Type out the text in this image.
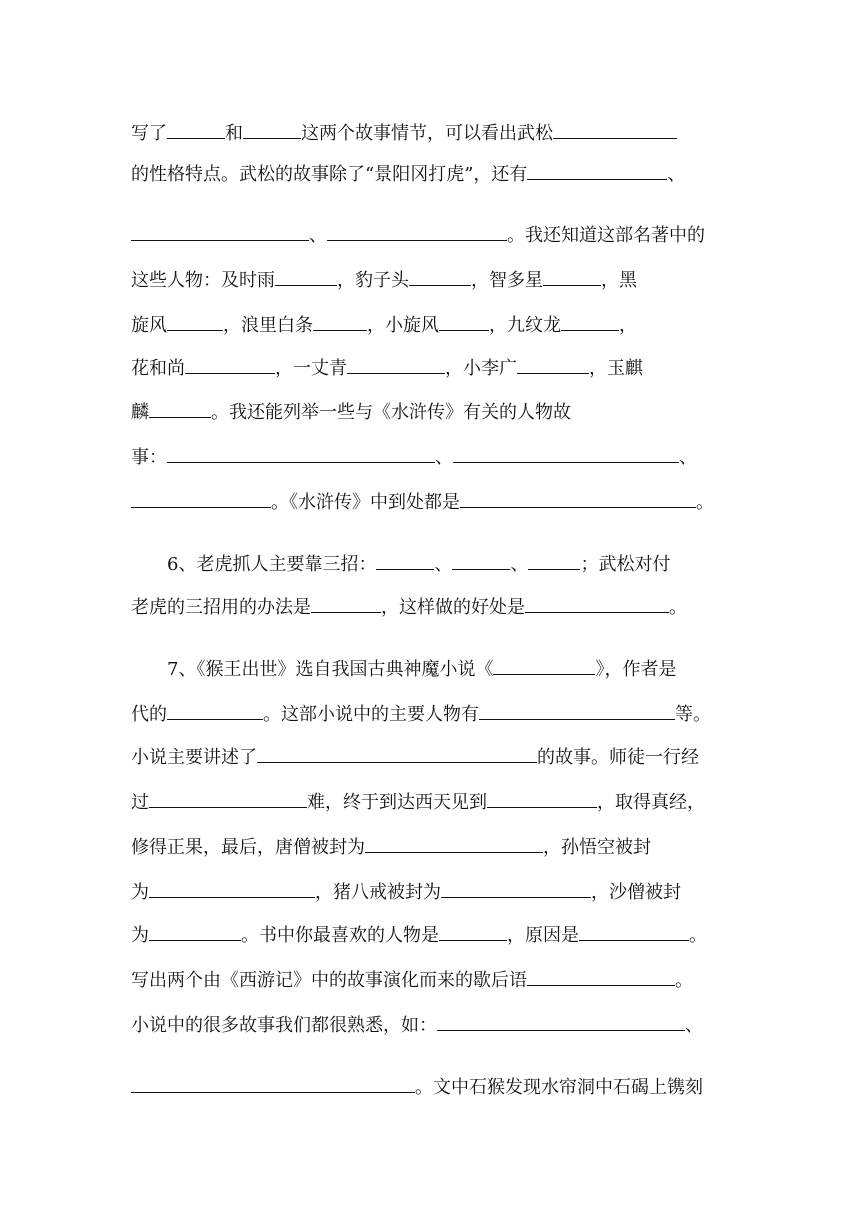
写了	和	这两个故事情节，可以看出武松
的性格特点。武松的故事除了“景阳冈打虎”，还有	、
、	。我还知道这部名著中的
这些人物：及时雨	，豹子头	，智多星	，黑
旋风	，浪里白条	，小旋风	，九纹龙	，
花和尚	，一丈青	，小李广	，玉麒
麟	。我还能列举一些与《水浒传》有关的人物故
事：	、	、
。《水浒传》中到处都是	。
　　6、老虎抓人主要靠三招：	、	、	；武松对付
老虎的三招用的办法是	，这样做的好处是	。
　　7、《猴王出世》选自我国古典神魔小说《	》，作者是
代的	。这部小说中的主要人物有	等。
小说主要讲述了	的故事。师徒一行经
过	难，终于到达西天见到	，取得真经，
修得正果，最后，唐僧被封为	，孙悟空被封
为	，猪八戒被封为	，沙僧被封
为	。书中你最喜欢的人物是	，原因是	。
写出两个由《西游记》中的故事演化而来的歇后语	。
小说中的很多故事我们都很熟悉，如：	、
。文中石猴发现水帘洞中石碣上镌刻
